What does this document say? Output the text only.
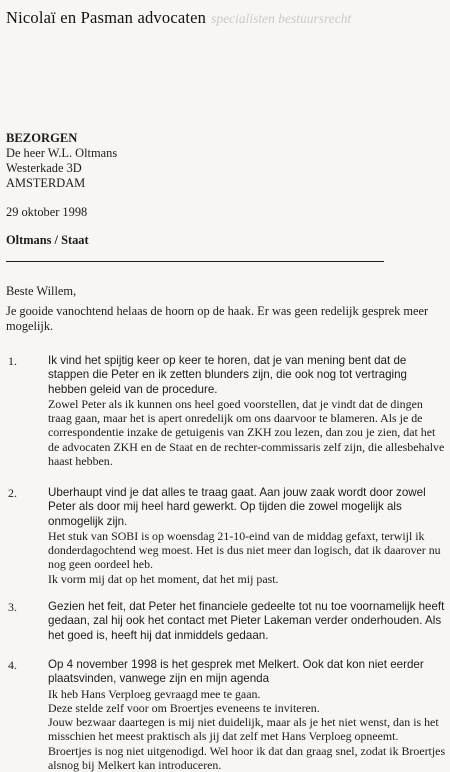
Nicolaï en Pasman advocaten specialisten bestuursrecht
BEZORGEN
De heer W.L. Oltmans
Westerkade 3D
AMSTERDAM
29 oktober 1998
Oltmans / Staat
Beste Willem,
Je gooide vanochtend helaas de hoorn op de haak. Er was geen redelijk gesprek meer mogelijk.
1.	Ik vind het spijtig keer op keer te horen, dat je van mening bent dat de stappen die Peter en ik zetten blunders zijn, die ook nog tot vertraging hebben geleid van de procedure.

Zowel Peter als ik kunnen ons heel goed voorstellen, dat je vindt dat de dingen traag gaan, maar het is apert onredelijk om ons daarvoor te blameren. Als je de correspondentie inzake de getuigenis van ZKH zou lezen, dan zou je zien, dat het de advocaten ZKH en de Staat en de rechter-commissaris zelf zijn, die allesbehalve haast hebben.

2.	Uberhaupt vind je dat alles te traag gaat. Aan jouw zaak wordt door zowel Peter als door mij heel hard gewerkt. Op tijden die zowel mogelijk als onmogelijk zijn.

Het stuk van SOBI is op woensdag 21-10-eind van de middag gefaxt, terwijl ik donderdagochtend weg moest. Het is dus niet meer dan logisch, dat ik daarover nu nog geen oordeel heb.

Ik vorm mij dat op het moment, dat het mij past.

3.	Gezien het feit, dat Peter het financiele gedeelte tot nu toe voornamelijk heeft gedaan, zal hij ook het contact met Pieter Lakeman verder onderhouden. Als het goed is, heeft hij dat inmiddels gedaan.

4.	Op 4 november 1998 is het gesprek met Melkert. Ook dat kon niet eerder plaatsvinden, vanwege zijn en mijn agenda

Ik heb Hans Verploeg gevraagd mee te gaan.

Deze stelde zelf voor om Broertjes eveneens te inviteren.

Jouw bezwaar daartegen is mij niet duidelijk, maar als je het niet wenst, dan is het misschien het meest praktisch als jij dat zelf met Hans Verploeg opneemt.

Broertjes is nog niet uitgenodigd. Wel hoor ik dat dan graag snel, zodat ik Broertjes alsnog bij Melkert kan introduceren.
